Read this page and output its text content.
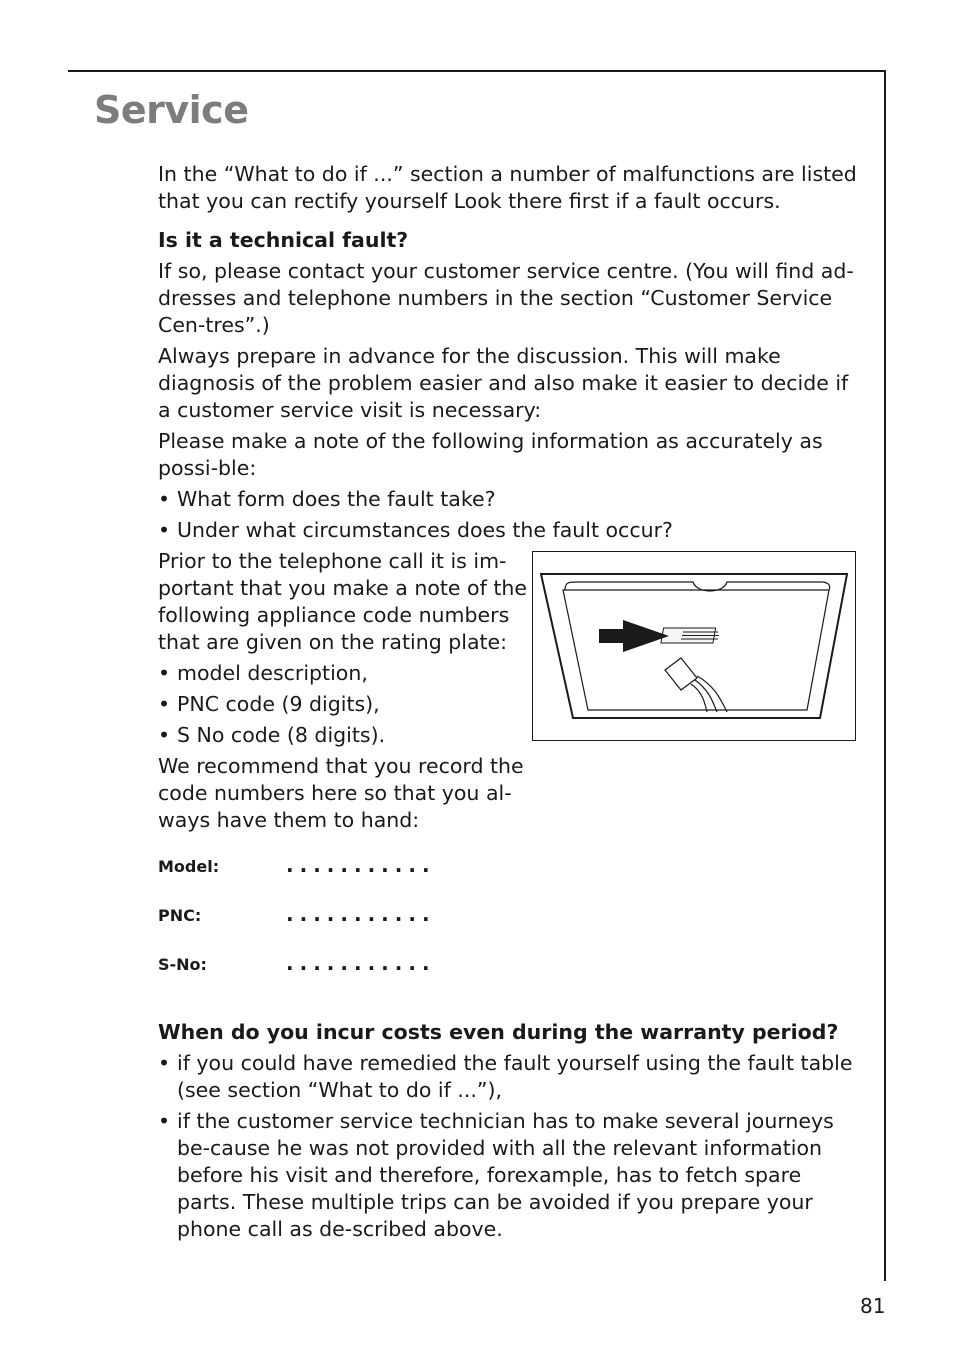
Service

In the “What to do if ...” section a number of malfunctions are listed that you can rectify yourself Look there first if a fault occurs.

Is it a technical fault?

If so, please contact your customer service centre. (You will find ad-dresses and telephone numbers in the section “Customer Service Cen-tres”.)

Always prepare in advance for the discussion. This will make diagnosis of the problem easier and also make it easier to decide if a customer service visit is necessary:

Please make a note of the following information as accurately as possi-ble:

• What form does the fault take?
• Under what circumstances does the fault occur?

Prior to the telephone call it is im-portant that you make a note of the following appliance code numbers that are given on the rating plate:

• model description,
• PNC code (9 digits),
• S No code (8 digits).

We recommend that you record the code numbers here so that you al-ways have them to hand:

Model:	...........
PNC:	...........
S-No:	...........
When do you incur costs even during the warranty period?
• if you could have remedied the fault yourself using the fault table (see section “What to do if ...”),
• if the customer service technician has to make several journeys be-cause he was not provided with all the relevant information before his visit and therefore, forexample, has to fetch spare parts. These multiple trips can be avoided if you prepare your phone call as de-scribed above.
81
